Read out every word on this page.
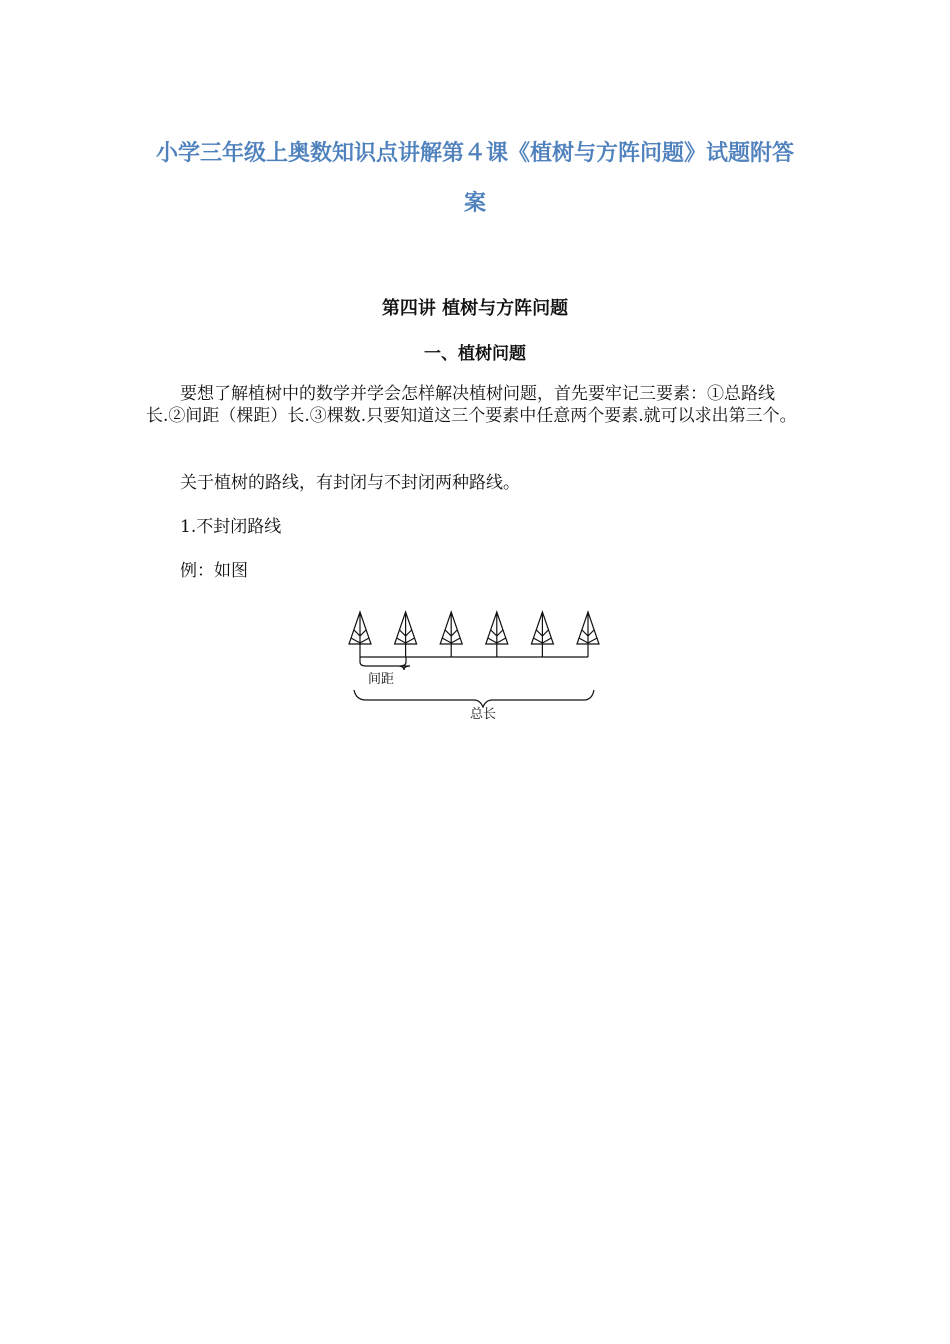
小学三年级上奥数知识点讲解第４课《植树与方阵问题》试题附答
案
第四讲 植树与方阵问题
一、植树问题

要想了解植树中的数学并学会怎样解决植树问题，首先要牢记三要素：①总路线长.②间距（棵距）长.③棵数.只要知道这三个要素中任意两个要素.就可以求出第三个。

关于植树的路线，有封闭与不封闭两种路线。

1.不封闭路线

例：如图

间距
总长
